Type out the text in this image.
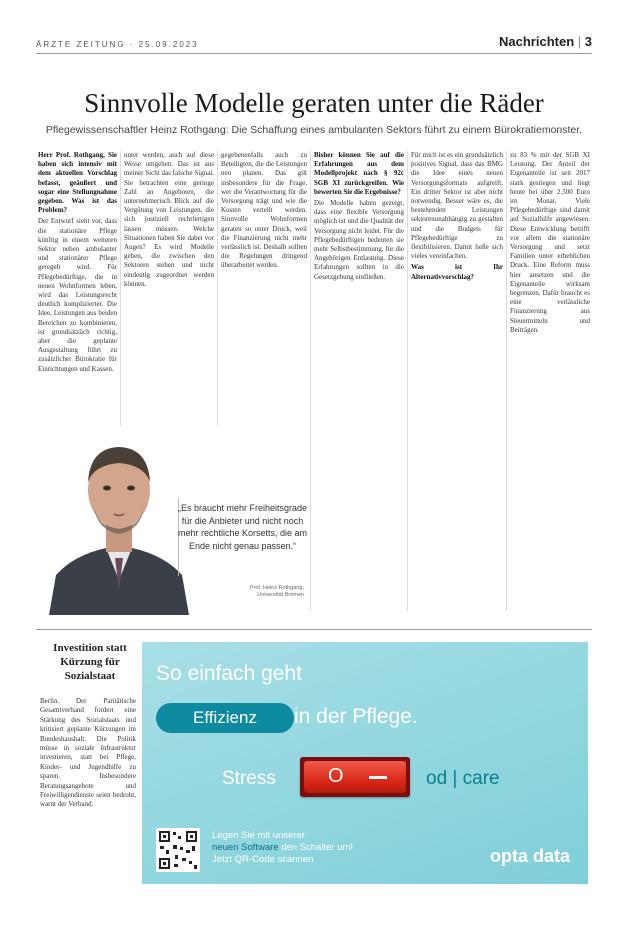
ÄRZTE ZEITUNG · 25.09.2023	Nachrichten | 3
Sinnvolle Modelle geraten unter die Räder
Pflegewissenschaftler Heinz Rothgang: Die Schaffung eines ambulanten Sektors führt zu einem Bürokratiemonster.

Herr Prof. Rothgang, Sie haben sich intensiv mit dem aktuellen Vorschlag befasst, geäußert und sogar eine Stellungnahme gegeben. Was ist das Problem?

Der Entwurf sieht vor, dass die stationäre Pflege künftig in einem weiteren Sektor neben ambulanter und stationärer Pflege geregelt wird. Für Pflegebedürftige, die in neuen Wohnformen leben, wird das Leistungsrecht deutlich komplizierter. Die Idee, Leistungen aus beiden Bereichen zu kombinieren, ist grundsätzlich richtig, aber die geplante Ausgestaltung führt zu zusätzlicher Bürokratie für Einrichtungen und Kassen.

unter werden, auch auf diese Weise umgehen. Das ist aus meiner Sicht das falsche Signal. Sie betrachten eine geringe Zahl an Angeboten, die unternehmerisch Blick auf die Vergütung von Leistungen, die sich justiziell rechtfertigen lassen müssen. Welche Situationen haben Sie dabei vor Augen? Es wird Modelle geben, die zwischen den Sektoren stehen und nicht eindeutig zugeordnet werden können.

gegebenenfalls auch zu Beteiligten, die die Leistungen neu planen. Das gilt insbesondere für die Frage, wer die Verantwortung für die Versorgung trägt und wie die Kosten verteilt werden. Sinnvolle Wohnformen geraten so unter Druck, weil die Finanzierung nicht mehr verlässlich ist. Deshalb sollten die Regelungen dringend überarbeitet werden.

Bisher können Sie auf die Erfahrungen aus dem Modellprojekt nach § 92c SGB XI zurückgreifen. Wie bewerten Sie die Ergebnisse?

Die Modelle haben gezeigt, dass eine flexible Versorgung möglich ist und die Qualität der Versorgung nicht leidet. Für die Pflegebedürftigen bedeuten sie mehr Selbstbestimmung, für die Angehörigen Entlastung. Diese Erfahrungen sollten in die Gesetzgebung einfließen.

Für mich ist es ein grundsätzlich positives Signal, dass das BMG die Idee eines neuen Versorgungsformats aufgreift. Ein dritter Sektor ist aber nicht notwendig. Besser wäre es, die bestehenden Leistungen sektorenunabhängig zu gestalten und die Budgets für Pflegebedürftige zu flexibilisieren. Damit ließe sich vieles vereinfachen.

Was ist Ihr Alternativvorschlag?

zu 83 % mit der SGB XI Leistung. Der Anteil der Eigenanteile ist seit 2017 stark gestiegen und liegt heute bei über 2.500 Euro im Monat. Viele Pflegebedürftige sind damit auf Sozialhilfe angewiesen. Diese Entwicklung betrifft vor allem die stationäre Versorgung und setzt Familien unter erheblichen Druck. Eine Reform muss hier ansetzen und die Eigenanteile wirksam begrenzen. Dafür braucht es eine verlässliche Finanzierung aus Steuermitteln und Beiträgen.

„Es braucht mehr Freiheitsgrade für die Anbieter und nicht noch mehr rechtliche Korsetts, die am Ende nicht genau passen.“
Prof. Heinz Rothgang, Universität Bremen
Investition statt Kürzung für Sozialstaat
Berlin. Der Paritätische Gesamtverband fordert eine Stärkung des Sozialstaats und kritisiert geplante Kürzungen im Bundeshaushalt. Die Politik müsse in soziale Infrastruktur investieren, statt bei Pflege, Kinder- und Jugendhilfe zu sparen. Insbesondere Beratungsangebote und Freiwilligendienste seien bedroht, warnt der Verband.
So einfach geht
Effizienz	in der Pflege.
Stress	O	od | care
Legen Sie mit unserer
neuen Software den Schalter um!
Jetzt QR-Code scannen	opta data
